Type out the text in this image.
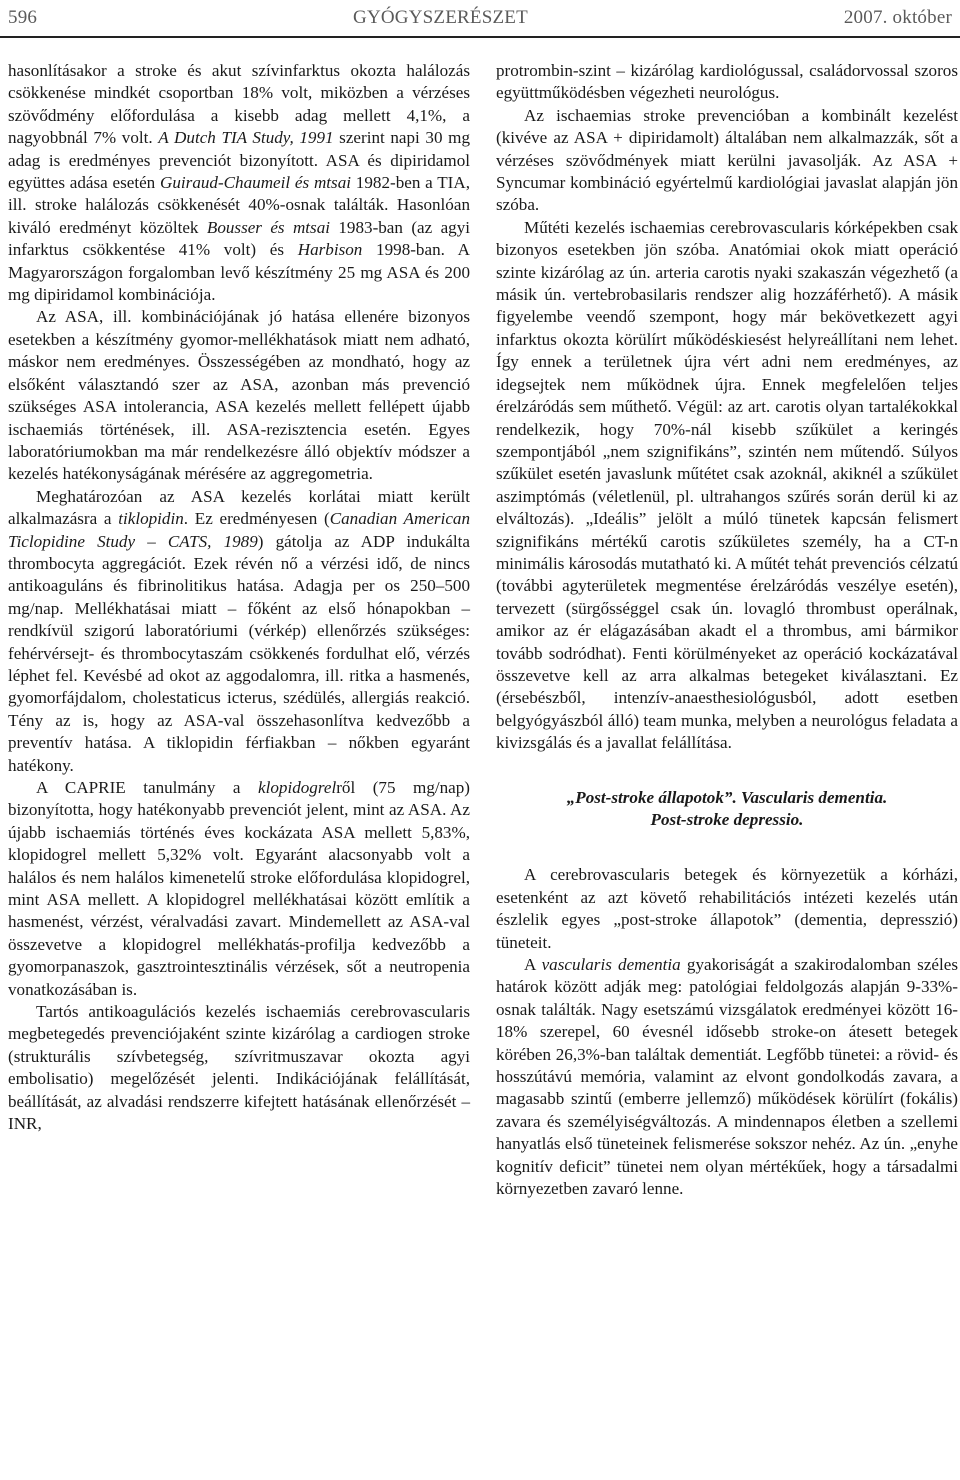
596	GYÓGYSZERÉSZET	2007. október

hasonlításakor a stroke és akut szívinfarktus okozta halálozás csökkenése mindkét csoportban 18% volt, miközben a vérzéses szövődmény előfordulása a kisebb adag mellett 4,1%, a nagyobbnál 7% volt. A Dutch TIA Study, 1991 szerint napi 30 mg adag is eredményes prevenciót bizonyított. ASA és dipiridamol együttes adása esetén Guiraud-Chaumeil és mtsai 1982-ben a TIA, ill. stroke halálozás csökkenését 40%-osnak találták. Hasonlóan kiváló eredményt közöltek Bousser és mtsai 1983-ban (az agyi infarktus csökkentése 41% volt) és Harbison 1998-ban. A Magyarországon forgalomban levő készítmény 25 mg ASA és 200 mg dipiridamol kombinációja.

Az ASA, ill. kombinációjának jó hatása ellenére bizonyos esetekben a készítmény gyomor-mellékhatások miatt nem adható, máskor nem eredményes. Összességében az mondható, hogy az elsőként választandó szer az ASA, azonban más prevenció szükséges ASA intolerancia, ASA kezelés mellett fellépett újabb ischaemiás történések, ill. ASA-rezisztencia esetén. Egyes laboratóriumokban ma már rendelkezésre álló objektív módszer a kezelés hatékonyságának mérésére az aggregometria.

Meghatározóan az ASA kezelés korlátai miatt került alkalmazásra a tiklopidin. Ez eredményesen (Canadian American Ticlopidine Study – CATS, 1989) gátolja az ADP indukálta thrombocyta aggregációt. Ezek révén nő a vérzési idő, de nincs antikoaguláns és fibrinolitikus hatása. Adagja per os 250–500 mg/nap. Mellékhatásai miatt – főként az első hónapokban – rendkívül szigorú laboratóriumi (vérkép) ellenőrzés szükséges: fehérvérsejt- és thrombocytaszám csökkenés fordulhat elő, vérzés léphet fel. Kevésbé ad okot az aggodalomra, ill. ritka a hasmenés, gyomorfájdalom, cholestaticus icterus, szédülés, allergiás reakció. Tény az is, hogy az ASA-val összehasonlítva kedvezőbb a preventív hatása. A tiklopidin férfiakban – nőkben egyaránt hatékony.

A CAPRIE tanulmány a klopidogrelről (75 mg/nap) bizonyította, hogy hatékonyabb prevenciót jelent, mint az ASA. Az újabb ischaemiás történés éves kockázata ASA mellett 5,83%, klopidogrel mellett 5,32% volt. Egyaránt alacsonyabb volt a halálos és nem halálos kimenetelű stroke előfordulása klopidogrel, mint ASA mellett. A klopidogrel mellékhatásai között említik a hasmenést, vérzést, véralvadási zavart. Mindemellett az ASA-val összevetve a klopidogrel mellékhatás-profilja kedvezőbb a gyomorpanaszok, gasztrointesztinális vérzések, sőt a neutropenia vonatkozásában is.

Tartós antikoagulációs kezelés ischaemiás cerebrovascularis megbetegedés prevenciójaként szinte kizárólag a cardiogen stroke (strukturális szívbetegség, szívritmuszavar okozta agyi embolisatio) megelőzését jelenti. Indikációjának felállítását, beállítását, az alvadási rendszerre kifejtett hatásának ellenőrzését – INR,

protrombin-szint – kizárólag kardiológussal, családorvossal szoros együttműködésben végezheti neurológus.

Az ischaemias stroke prevencióban a kombinált kezelést (kivéve az ASA + dipiridamolt) általában nem alkalmazzák, sőt a vérzéses szövődmények miatt kerülni javasolják. Az ASA + Syncumar kombináció egyértelmű kardiológiai javaslat alapján jön szóba.

Műtéti kezelés ischaemias cerebrovascularis kórképekben csak bizonyos esetekben jön szóba. Anatómiai okok miatt operáció szinte kizárólag az ún. arteria carotis nyaki szakaszán végezhető (a másik ún. vertebrobasilaris rendszer alig hozzáférhető). A másik figyelembe veendő szempont, hogy már bekövetkezett agyi infarktus okozta körülírt működéskiesést helyreállítani nem lehet. Így ennek a területnek újra vért adni nem eredményes, az idegsejtek nem működnek újra. Ennek megfelelően teljes érelzáródás sem műthető. Végül: az art. carotis olyan tartalékokkal rendelkezik, hogy 70%-nál kisebb szűkület a keringés szempontjából „nem szignifikáns”, szintén nem műtendő. Súlyos szűkület esetén javaslunk műtétet csak azoknál, akiknél a szűkület aszimptómás (véletlenül, pl. ultrahangos szűrés során derül ki az elváltozás). „Ideális” jelölt a múló tünetek kapcsán felismert szignifikáns mértékű carotis szűkületes személy, ha a CT-n minimális károsodás mutatható ki. A műtét tehát prevenciós célzatú (további agyterületek megmentése érelzáródás veszélye esetén), tervezett (sürgősséggel csak ún. lovagló thrombust operálnak, amikor az ér elágazásában akadt el a thrombus, ami bármikor tovább sodródhat). Fenti körülményeket az operáció kockázatával összevetve kell az arra alkalmas betegeket kiválasztani. Ez (érsebészből, intenzív-anaesthesiológusból, adott esetben belgyógyászból álló) team munka, melyben a neurológus feladata a kivizsgálás és a javallat felállítása.

„Post-stroke állapotok”. Vascularis dementia.
Post-stroke depressio.

A cerebrovascularis betegek és környezetük a kórházi, esetenként az azt követő rehabilitációs intézeti kezelés után észlelik egyes „post-stroke állapotok” (dementia, depresszió) tüneteit.

A vascularis dementia gyakoriságát a szakirodalomban széles határok között adják meg: patológiai feldolgozás alapján 9-33%-osnak találták. Nagy esetszámú vizsgálatok eredményei között 16-18% szerepel, 60 évesnél idősebb stroke-on átesett betegek körében 26,3%-ban találtak dementiát. Legfőbb tünetei: a rövid- és hosszútávú memória, valamint az elvont gondolkodás zavara, a magasabb szintű (emberre jellemző) működések körülírt (fokális) zavara és személyiségváltozás. A mindennapos életben a szellemi hanyatlás első tüneteinek felismerése sokszor nehéz. Az ún. „enyhe kognitív deficit” tünetei nem olyan mértékűek, hogy a társadalmi környezetben zavaró lenne.
